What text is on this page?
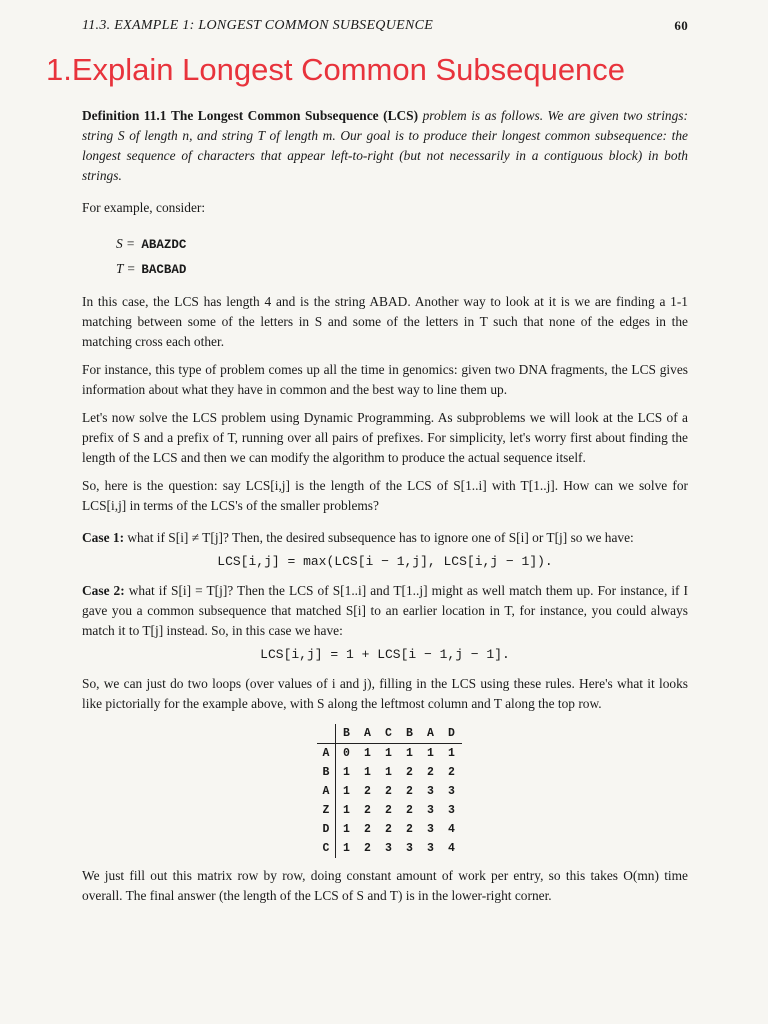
11.3. EXAMPLE 1: LONGEST COMMON SUBSEQUENCE	60
1.Explain Longest Common Subsequence

Definition 11.1 The Longest Common Subsequence (LCS) problem is as follows. We are given two strings: string S of length n, and string T of length m. Our goal is to produce their longest common subsequence: the longest sequence of characters that appear left-to-right (but not necessarily in a contiguous block) in both strings.

For example, consider:

S = ABAZDC
T = BACBAD

In this case, the LCS has length 4 and is the string ABAD. Another way to look at it is we are finding a 1-1 matching between some of the letters in S and some of the letters in T such that none of the edges in the matching cross each other.

For instance, this type of problem comes up all the time in genomics: given two DNA fragments, the LCS gives information about what they have in common and the best way to line them up.

Let's now solve the LCS problem using Dynamic Programming. As subproblems we will look at the LCS of a prefix of S and a prefix of T, running over all pairs of prefixes. For simplicity, let's worry first about finding the length of the LCS and then we can modify the algorithm to produce the actual sequence itself.

So, here is the question: say LCS[i,j] is the length of the LCS of S[1..i] with T[1..j]. How can we solve for LCS[i,j] in terms of the LCS's of the smaller problems?

Case 1: what if S[i] ≠ T[j]? Then, the desired subsequence has to ignore one of S[i] or T[j] so we have:

LCS[i,j] = max(LCS[i − 1,j], LCS[i,j − 1]).

Case 2: what if S[i] = T[j]? Then the LCS of S[1..i] and T[1..j] might as well match them up. For instance, if I gave you a common subsequence that matched S[i] to an earlier location in T, for instance, you could always match it to T[j] instead. So, in this case we have:

LCS[i,j] = 1 + LCS[i − 1,j − 1].

So, we can just do two loops (over values of i and j), filling in the LCS using these rules. Here's what it looks like pictorially for the example above, with S along the leftmost column and T along the top row.

	B	A	C	B	A	D
A	0	1	1	1	1	1
B	1	1	1	2	2	2
A	1	2	2	2	3	3
Z	1	2	2	2	3	3
D	1	2	2	2	3	4
C	1	2	3	3	3	4

We just fill out this matrix row by row, doing constant amount of work per entry, so this takes O(mn) time overall. The final answer (the length of the LCS of S and T) is in the lower-right corner.
